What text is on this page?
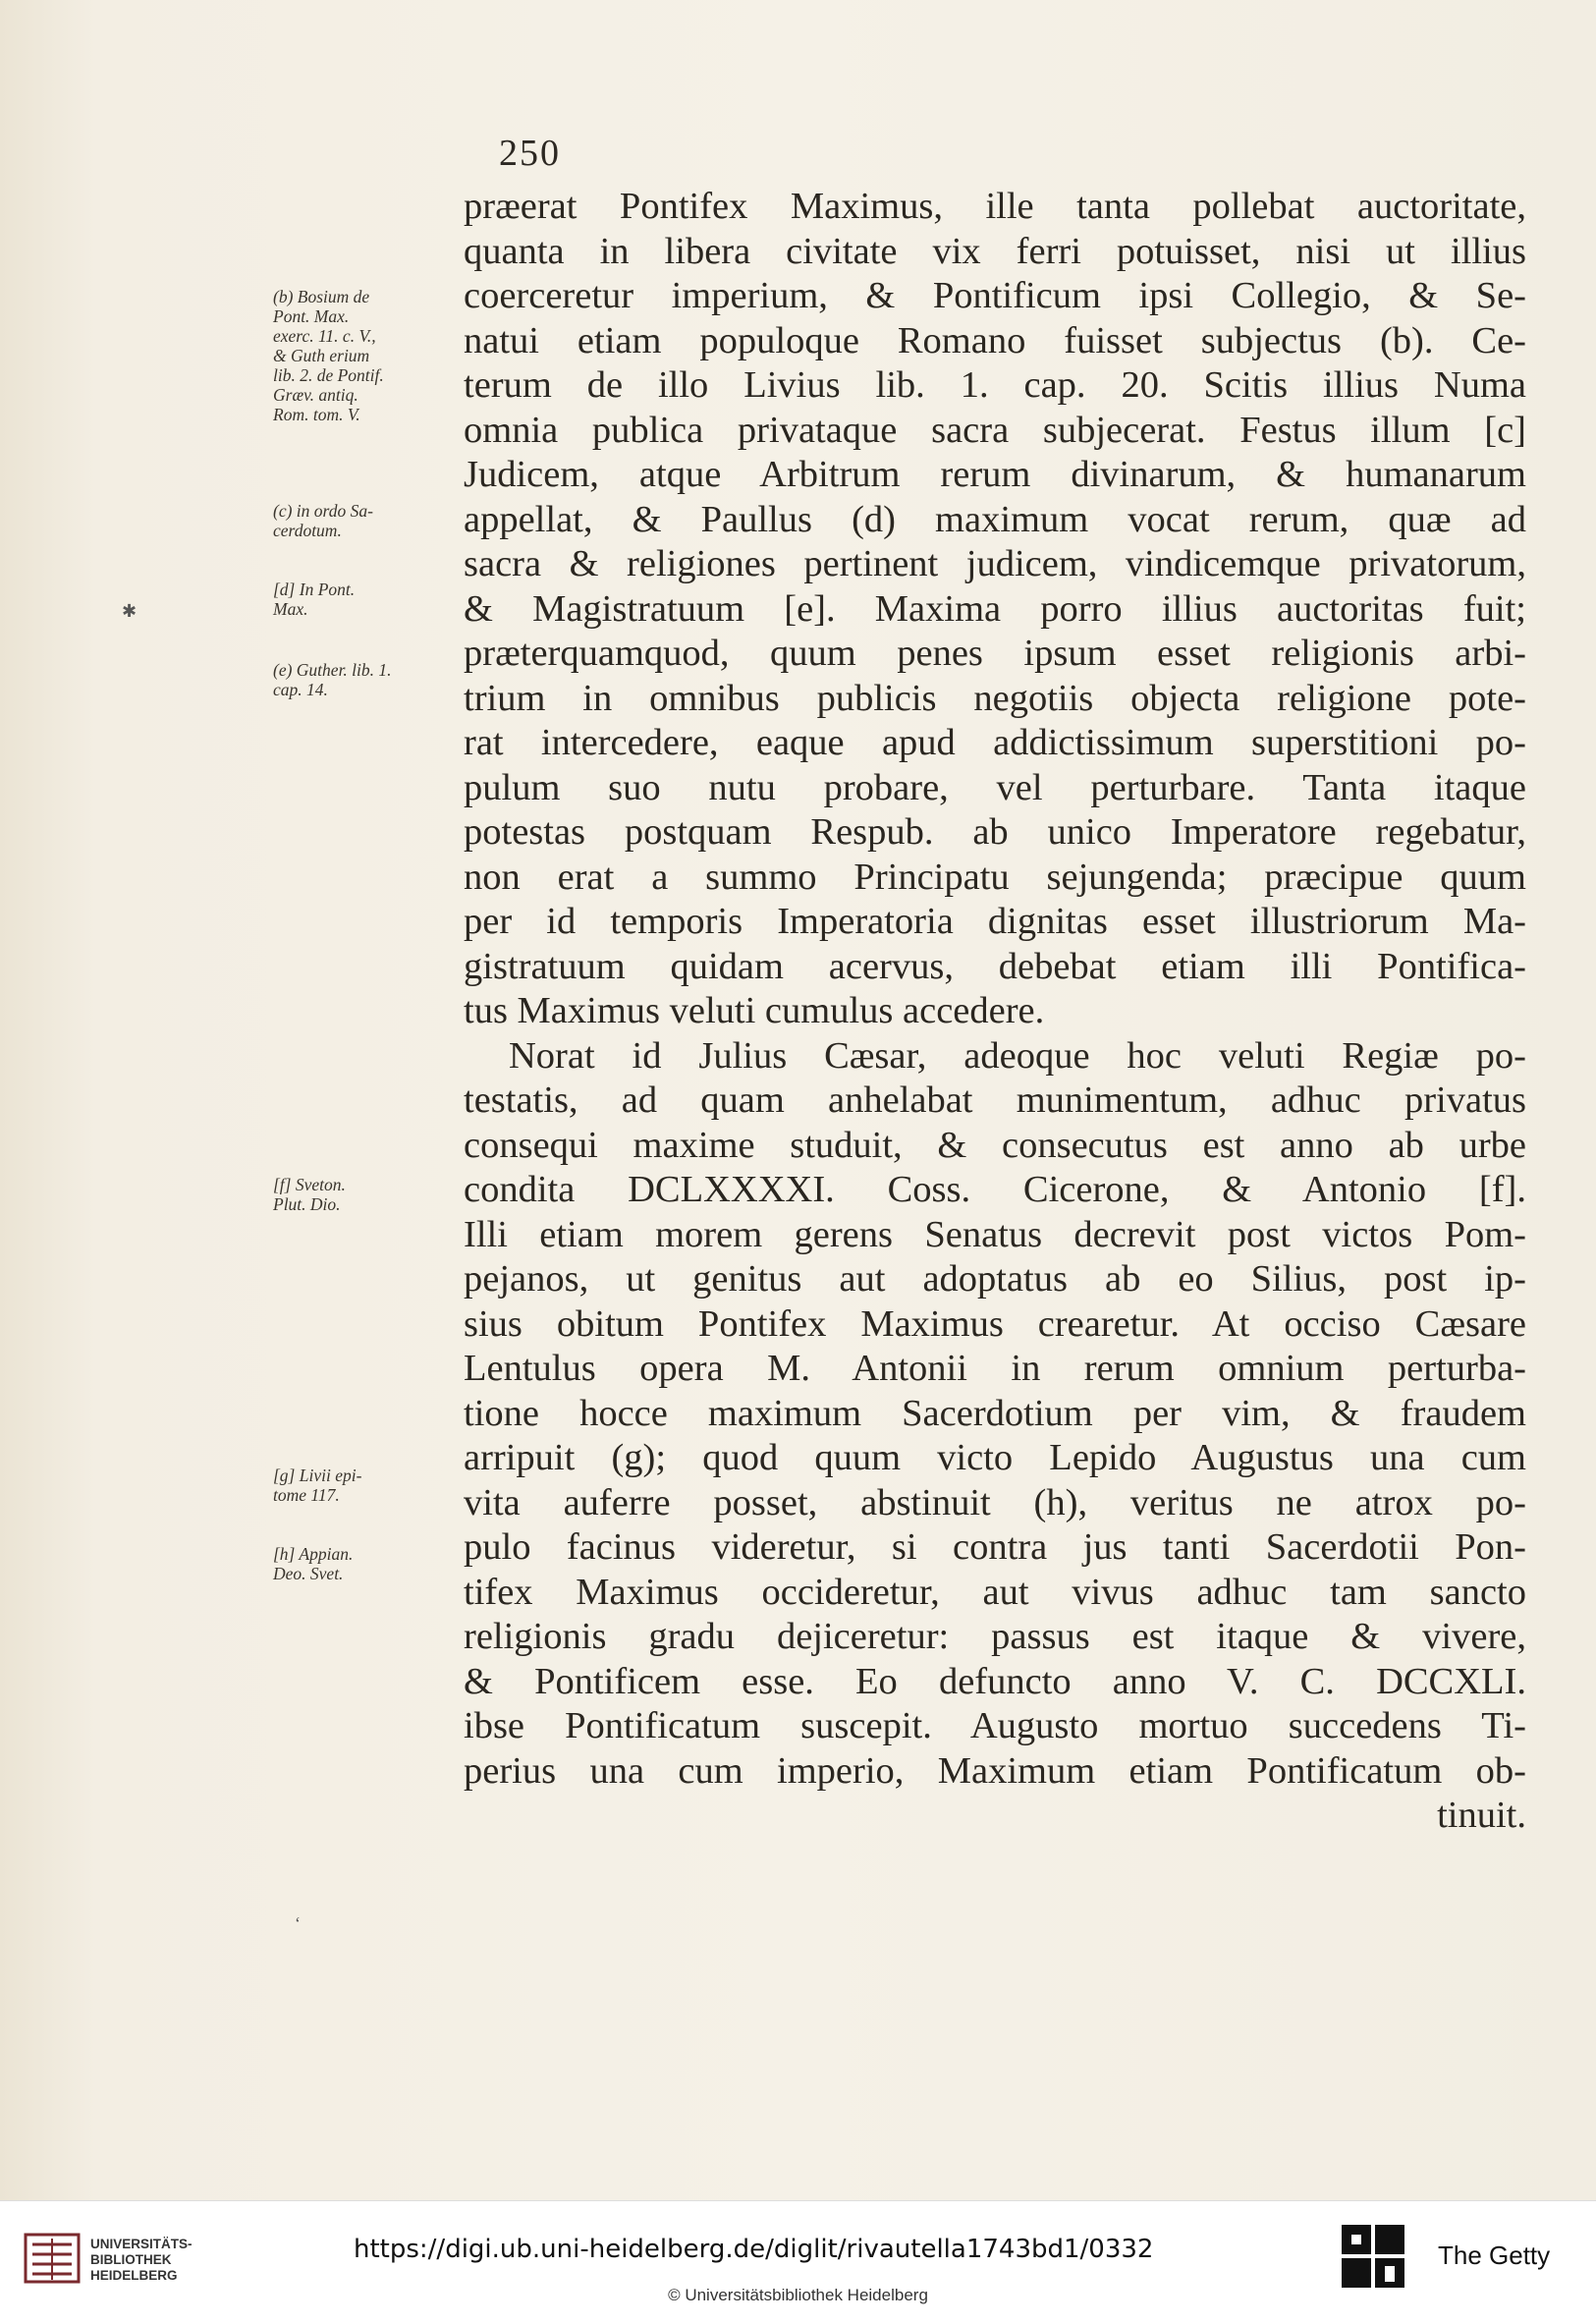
250
(b) Bosium de
Pont. Max.
exerc. 11. c. V.,
& Guth erium
lib. 2. de Pontif.
Græv. antiq.
Rom. tom. V.
(c) in ordo Sa-
cerdotum.
[d] In Pont.
Max.
(e) Guther. lib. 1.
cap. 14.
[f] Sveton.
Plut. Dio.
[g] Livii epi-
tome 117.
[h] Appian.
Deo. Svet.
præerat Pontifex Maximus, ille tanta pollebat auctoritate,
quanta in libera civitate vix ferri potuisset, nisi ut illius
coerceretur imperium, & Pontificum ipsi Collegio, & Se-
natui etiam populoque Romano fuisset subjectus (b). Ce-
terum de illo Livius lib. 1. cap. 20. Scitis illius Numa
omnia publica privataque sacra subjecerat. Festus illum [c]
Judicem, atque Arbitrum rerum divinarum, & humanarum
appellat, & Paullus (d) maximum vocat rerum, quæ ad
sacra & religiones pertinent judicem, vindicemque privatorum,
& Magistratuum [e]. Maxima porro illius auctoritas fuit;
præterquamquod, quum penes ipsum esset religionis arbi-
trium in omnibus publicis negotiis objecta religione pote-
rat intercedere, eaque apud addictissimum superstitioni po-
pulum suo nutu probare, vel perturbare. Tanta itaque
potestas postquam Respub. ab unico Imperatore regebatur,
non erat a summo Principatu sejungenda; præcipue quum
per id temporis Imperatoria dignitas esset illustriorum Ma-
gistratuum quidam acervus, debebat etiam illi Pontifica-
tus Maximus veluti cumulus accedere.
Norat id Julius Cæsar, adeoque hoc veluti Regiæ po-
testatis, ad quam anhelabat munimentum, adhuc privatus
consequi maxime studuit, & consecutus est anno ab urbe
condita DCLXXXXI. Coss. Cicerone, & Antonio [f].
Illi etiam morem gerens Senatus decrevit post victos Pom-
pejanos, ut genitus aut adoptatus ab eo Silius, post ip-
sius obitum Pontifex Maximus crearetur. At occiso Cæsare
Lentulus opera M. Antonii in rerum omnium perturba-
tione hocce maximum Sacerdotium per vim, & fraudem
arripuit (g); quod quum victo Lepido Augustus una cum
vita auferre posset, abstinuit (h), veritus ne atrox po-
pulo facinus videretur, si contra jus tanti Sacerdotii Pon-
tifex Maximus occideretur, aut vivus adhuc tam sancto
religionis gradu dejiceretur: passus est itaque & vivere,
& Pontificem esse. Eo defuncto anno V. C. DCCXLI.
ibse Pontificatum suscepit. Augusto mortuo succedens Ti-
perius una cum imperio, Maximum etiam Pontificatum ob-
tinuit.
✱
ʻ
UNIVERSITÄTS-
BIBLIOTHEK
HEIDELBERG
https://digi.ub.uni-heidelberg.de/diglit/rivautella1743bd1/0332
© Universitätsbibliothek Heidelberg
The Getty
